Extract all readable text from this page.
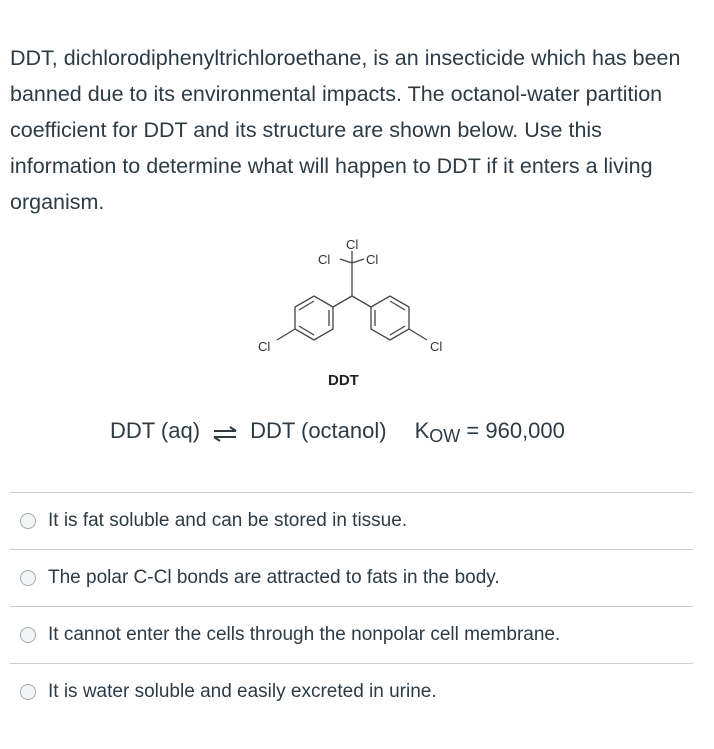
DDT, dichlorodiphenyltrichloroethane, is an insecticide which has been banned due to its environmental impacts. The octanol-water partition coefficient for DDT and its structure are shown below. Use this information to determine what will happen to DDT if it enters a living organism.

Cl
Cl	Cl
Cl	Cl
DDT
DDT (aq) ⇌ DDT (octanol) K OW
= 960,000
It is fat soluble and can be stored in tissue.
The polar C-Cl bonds are attracted to fats in the body.
It cannot enter the cells through the nonpolar cell membrane.
It is water soluble and easily excreted in urine.
